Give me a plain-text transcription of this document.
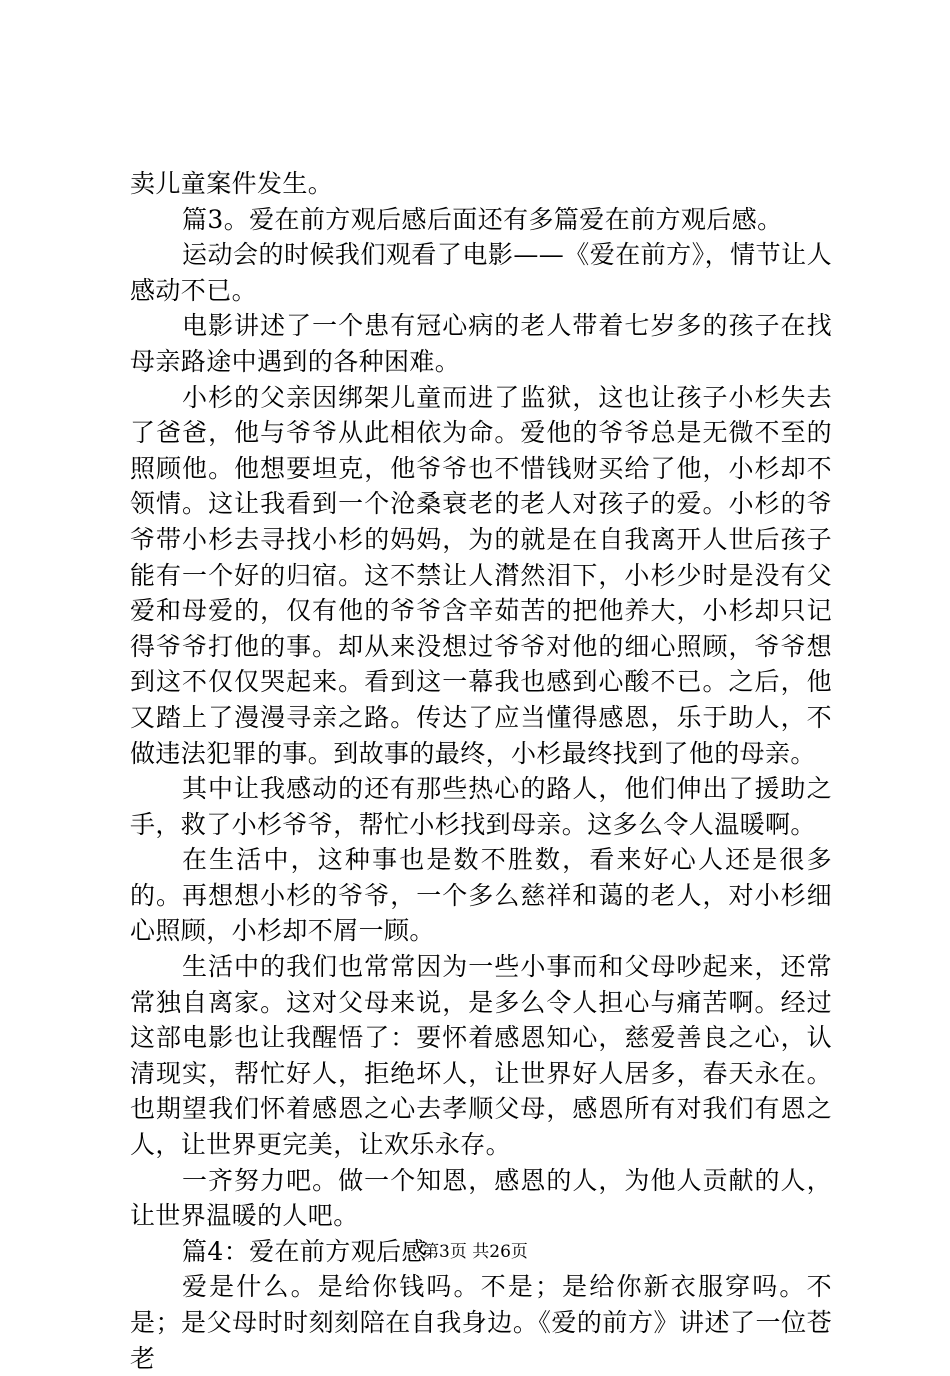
卖儿童案件发生。

篇3。爱在前方观后感后面还有多篇爱在前方观后感。

运动会的时候我们观看了电影——《爱在前方》，情节让人感动不已。

电影讲述了一个患有冠心病的老人带着七岁多的孩子在找母亲路途中遇到的各种困难。

小杉的父亲因绑架儿童而进了监狱，这也让孩子小杉失去了爸爸，他与爷爷从此相依为命。爱他的爷爷总是无微不至的照顾他。他想要坦克，他爷爷也不惜钱财买给了他，小杉却不领情。这让我看到一个沧桑衰老的老人对孩子的爱。小杉的爷爷带小杉去寻找小杉的妈妈，为的就是在自我离开人世后孩子能有一个好的归宿。这不禁让人潸然泪下，小杉少时是没有父爱和母爱的，仅有他的爷爷含辛茹苦的把他养大，小杉却只记得爷爷打他的事。却从来没想过爷爷对他的细心照顾，爷爷想到这不仅仅哭起来。看到这一幕我也感到心酸不已。之后，他又踏上了漫漫寻亲之路。传达了应当懂得感恩，乐于助人，不做违法犯罪的事。到故事的最终，小杉最终找到了他的母亲。

其中让我感动的还有那些热心的路人，他们伸出了援助之手，救了小杉爷爷，帮忙小杉找到母亲。这多么令人温暖啊。

在生活中，这种事也是数不胜数，看来好心人还是很多的。再想想小杉的爷爷，一个多么慈祥和蔼的老人，对小杉细心照顾，小杉却不屑一顾。

生活中的我们也常常因为一些小事而和父母吵起来，还常常独自离家。这对父母来说，是多么令人担心与痛苦啊。经过这部电影也让我醒悟了：要怀着感恩知心，慈爱善良之心，认清现实，帮忙好人，拒绝坏人，让世界好人居多，春天永在。也期望我们怀着感恩之心去孝顺父母，感恩所有对我们有恩之人，让世界更完美，让欢乐永存。

一齐努力吧。做一个知恩，感恩的人，为他人贡献的人，让世界温暖的人吧。

篇4：爱在前方观后感

爱是什么。是给你钱吗。不是；是给你新衣服穿吗。不是；是父母时时刻刻陪在自我身边。《爱的前方》讲述了一位苍老

第3页 共26页
